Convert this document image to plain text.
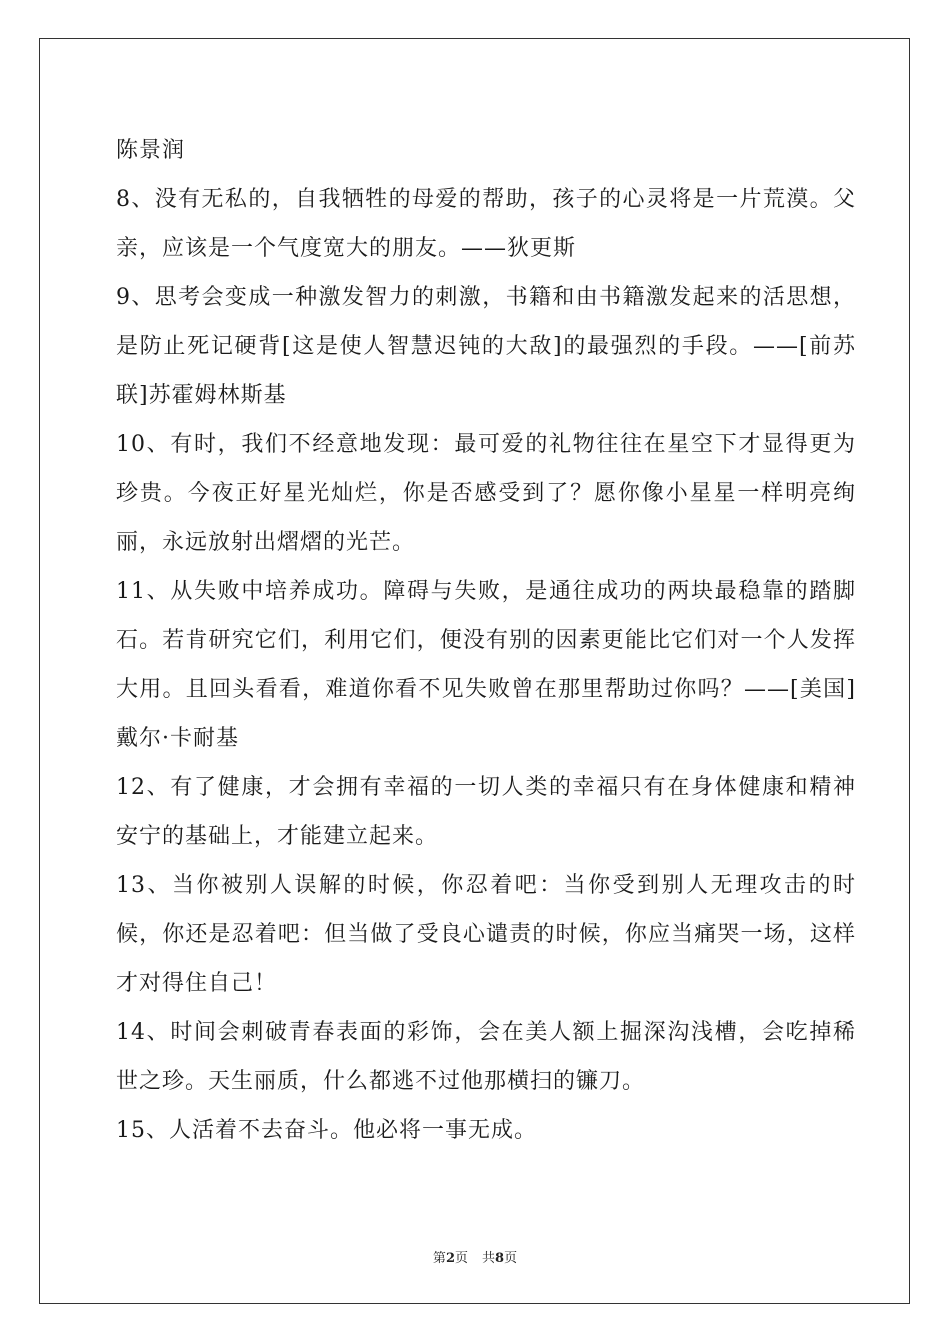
陈景润

8、没有无私的，自我牺牲的母爱的帮助，孩子的心灵将是一片荒漠。父亲，应该是一个气度宽大的朋友。——狄更斯

9、思考会变成一种激发智力的刺激，书籍和由书籍激发起来的活思想，是防止死记硬背[这是使人智慧迟钝的大敌]的最强烈的手段。——[前苏联]苏霍姆林斯基

10、有时，我们不经意地发现：最可爱的礼物往往在星空下才显得更为珍贵。今夜正好星光灿烂，你是否感受到了？愿你像小星星一样明亮绚丽，永远放射出熠熠的光芒。

11、从失败中培养成功。障碍与失败，是通往成功的两块最稳靠的踏脚石。若肯研究它们，利用它们，便没有别的因素更能比它们对一个人发挥大用。且回头看看，难道你看不见失败曾在那里帮助过你吗？——[美国]戴尔·卡耐基

12、有了健康，才会拥有幸福的一切人类的幸福只有在身体健康和精神安宁的基础上，才能建立起来。

13、当你被别人误解的时候，你忍着吧：当你受到别人无理攻击的时候，你还是忍着吧：但当做了受良心谴责的时候，你应当痛哭一场，这样才对得住自己！

14、时间会刺破青春表面的彩饰，会在美人额上掘深沟浅槽，会吃掉稀世之珍。天生丽质，什么都逃不过他那横扫的镰刀。

15、人活着不去奋斗。他必将一事无成。

第2页 共8页
